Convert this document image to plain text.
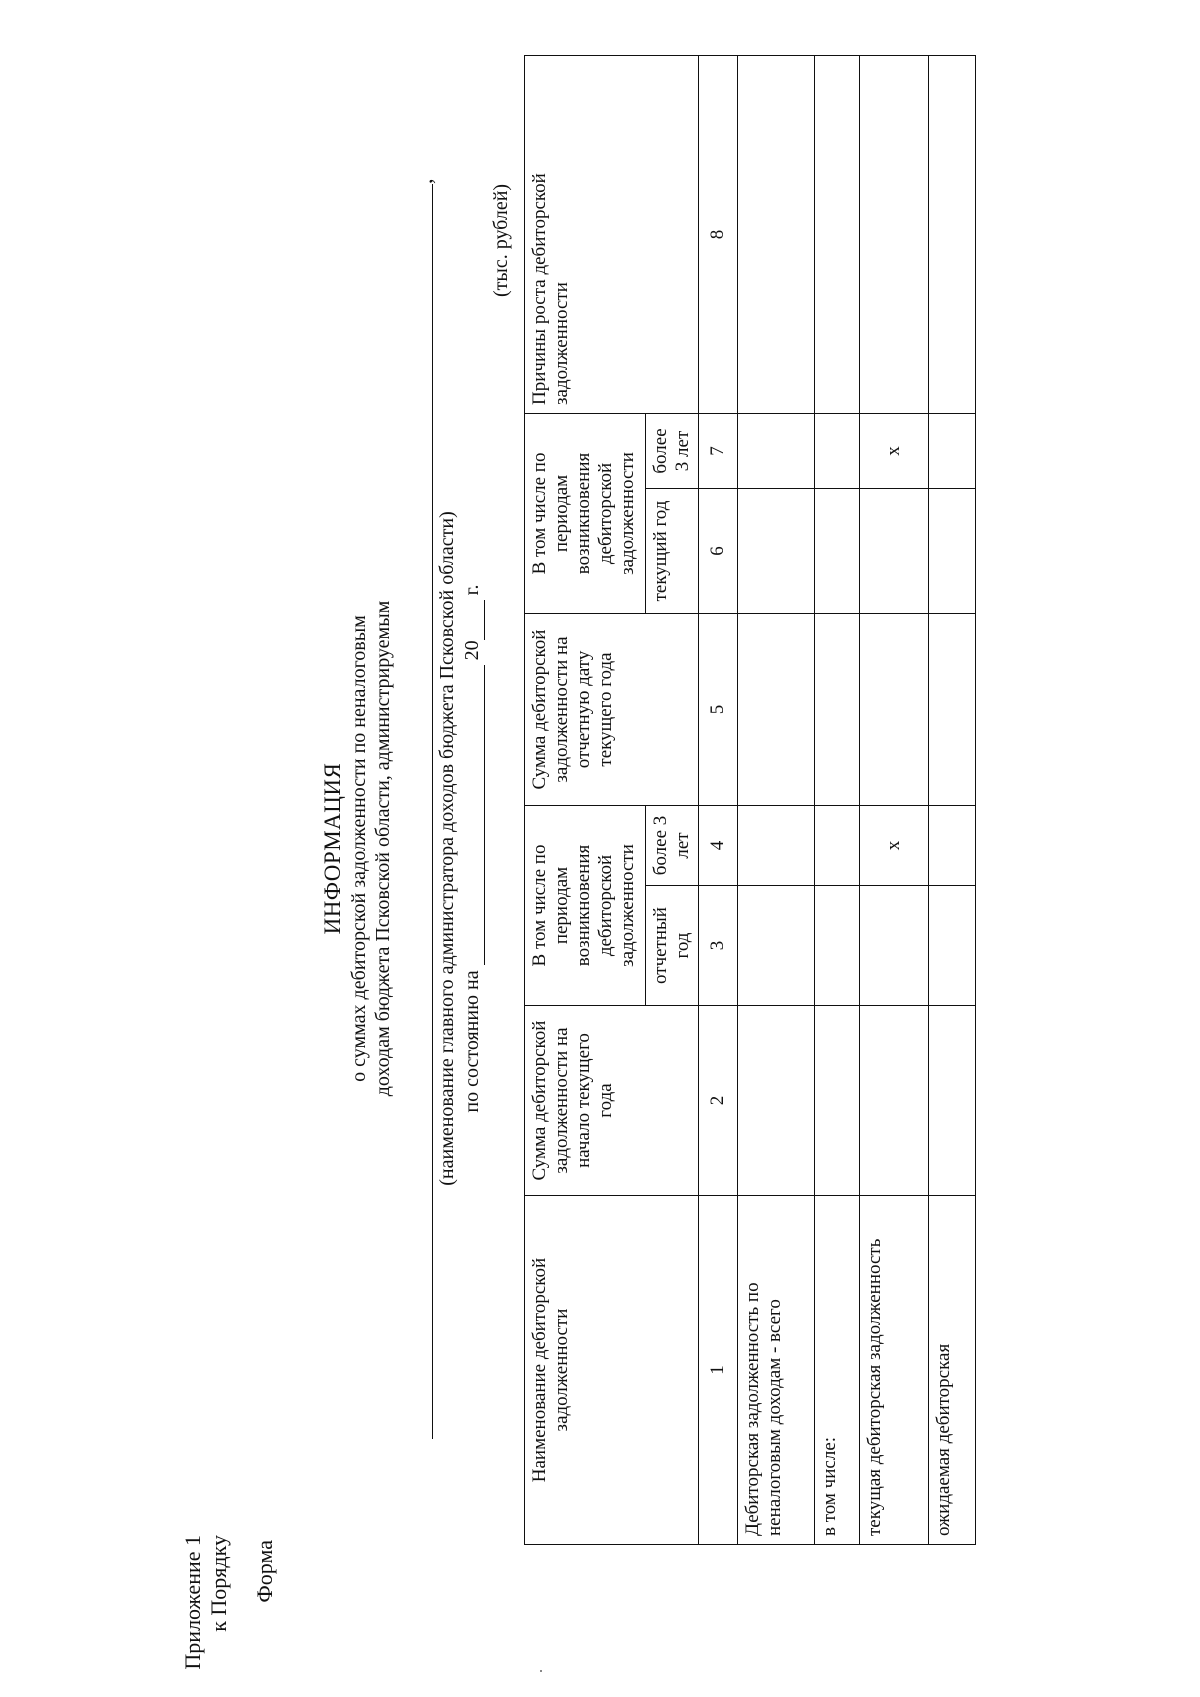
Приложение 1 к Порядку Форма
ИНФОРМАЦИЯ о суммах дебиторской задолженности по неналоговым доходам бюджета Псковской области, администрируемым
,
(наименование главного администратора доходов бюджета Псковской области) по состоянию на   20  г.
(тыс. рублей)
Наименование дебиторской задолженности	Сумма дебиторской задолженности на начало текущего года	В том числе по периодам возникновения дебиторской задолженности		Сумма дебиторской задолженности на отчетную дату текущего года	В том числе по периодам возникновения дебиторской задолженности		Причины роста дебиторской задолженности
		отчетный год	более 3 лет		текущий год	более 3 лет	
1	2	3	4	5	6	7	8
Дебиторская задолженность по неналоговым доходам - всего							
в том числе:							
текущая дебиторская задолженность			х			х	
ожидаемая дебиторская							
